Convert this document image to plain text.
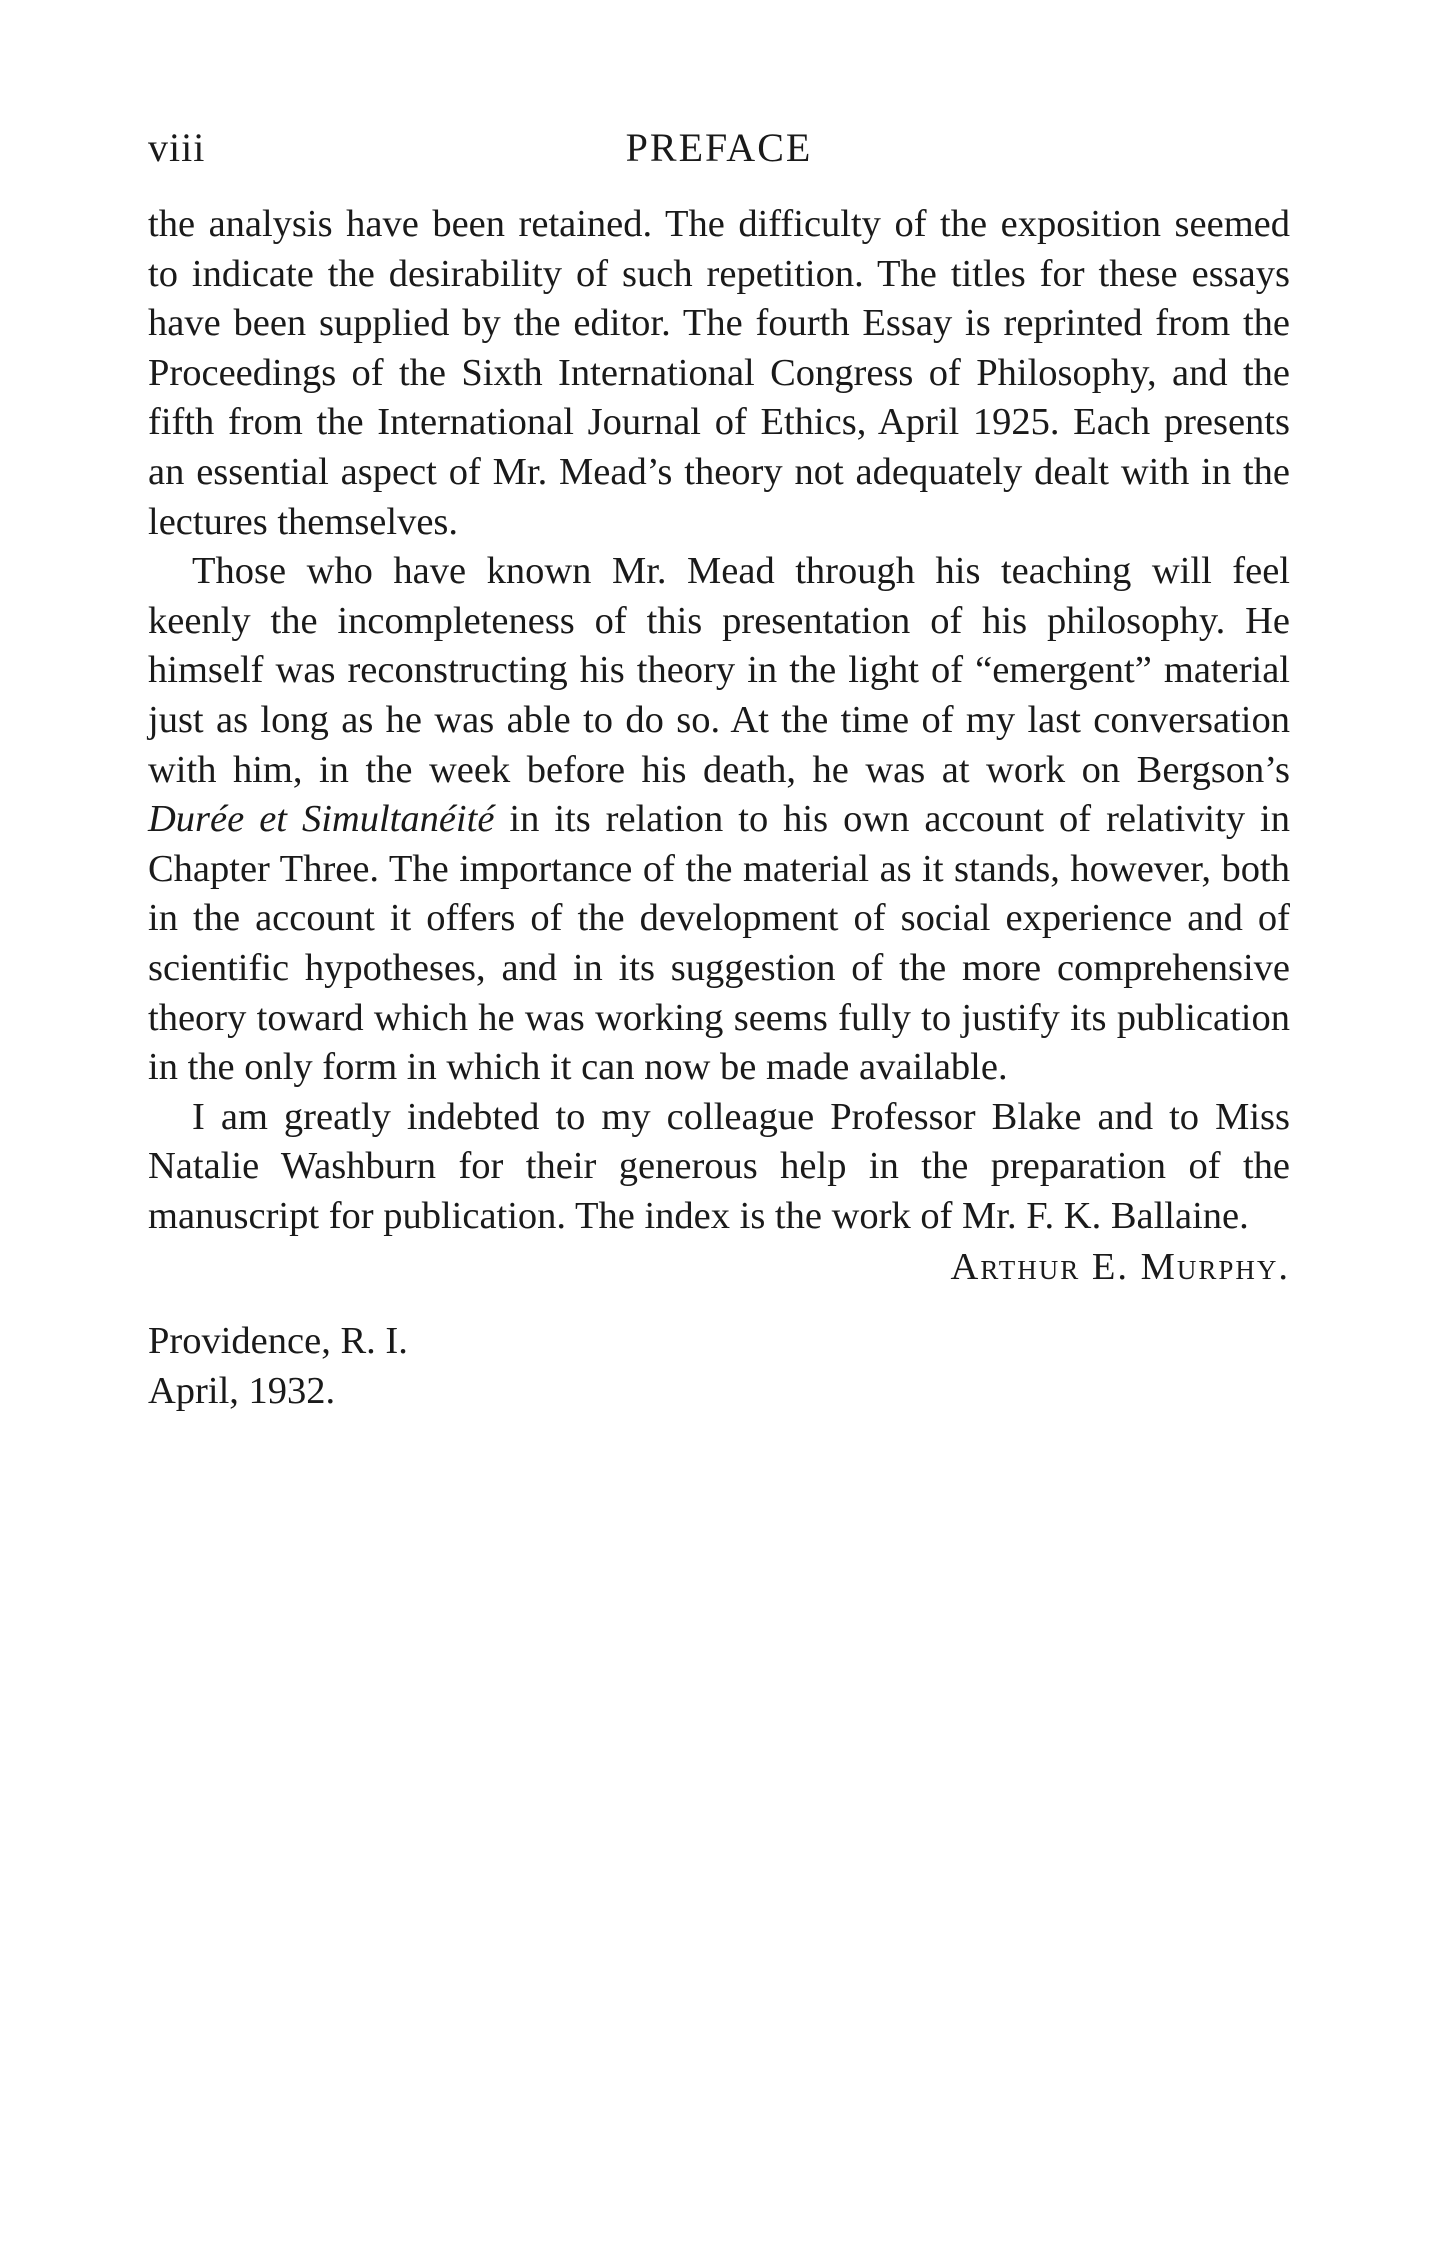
viii	PREFACE

the analysis have been retained. The difficulty of the exposition seemed to indicate the desirability of such repetition. The titles for these essays have been supplied by the editor. The fourth Essay is reprinted from the Proceedings of the Sixth International Congress of Philosophy, and the fifth from the International Journal of Ethics, April 1925. Each presents an essential aspect of Mr. Mead’s theory not adequately dealt with in the lectures themselves.

Those who have known Mr. Mead through his teaching will feel keenly the incompleteness of this presentation of his philosophy. He himself was reconstructing his theory in the light of “emergent” material just as long as he was able to do so. At the time of my last conversation with him, in the week before his death, he was at work on Bergson’s Durée et Simultanéité in its relation to his own account of relativity in Chapter Three. The importance of the material as it stands, however, both in the account it offers of the development of social experience and of scientific hypotheses, and in its suggestion of the more comprehensive theory toward which he was working seems fully to justify its publication in the only form in which it can now be made available.

I am greatly indebted to my colleague Professor Blake and to Miss Natalie Washburn for their generous help in the preparation of the manuscript for publication. The index is the work of Mr. F. K. Ballaine.

Arthur E. Murphy.
Providence, R. I.
April, 1932.
